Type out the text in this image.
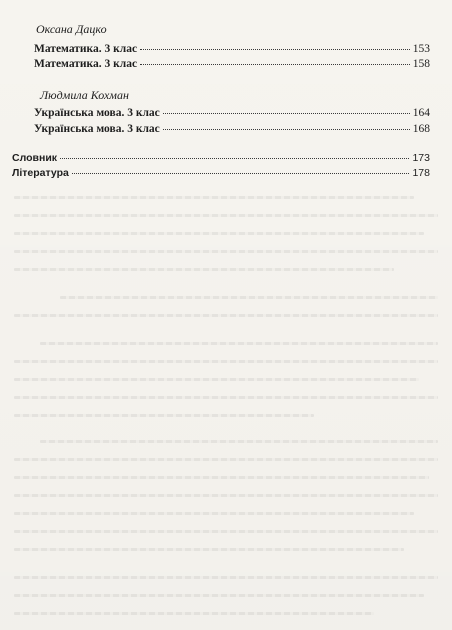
Оксана Дацко
Математика. 3 клас	153
Математика. 3 клас	158
Людмила Кохман
Українська мова. 3 клас	164
Українська мова. 3 клас	168
Словник	173
Література	178
